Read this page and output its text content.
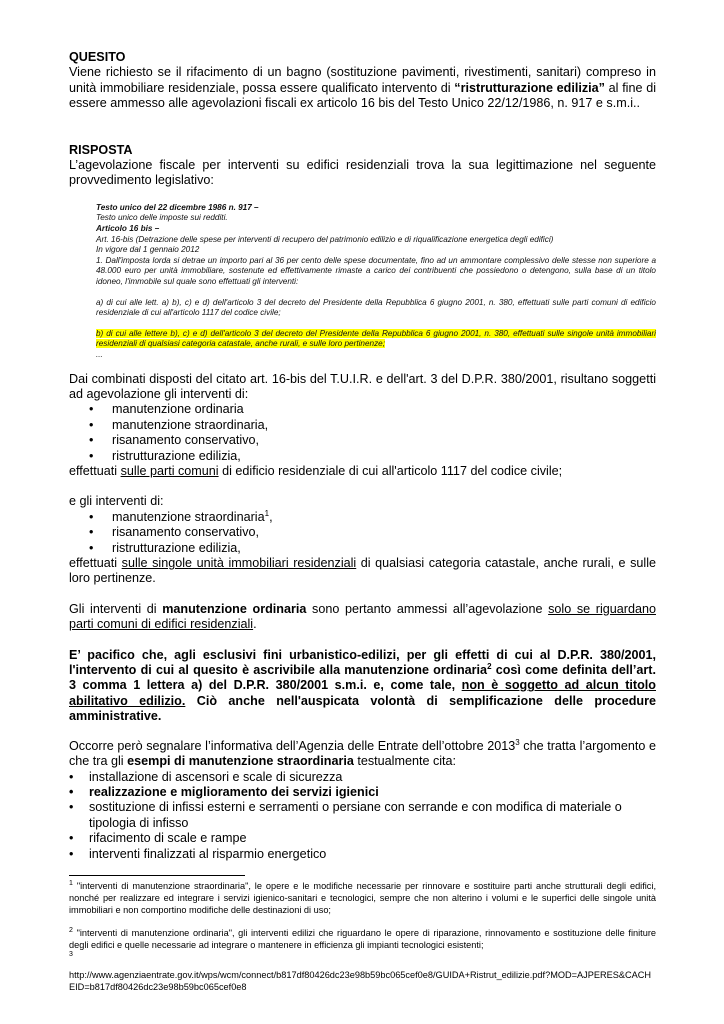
QUESITO

Viene richiesto se il rifacimento di un bagno (sostituzione pavimenti, rivestimenti, sanitari) compreso in unità immobiliare residenziale, possa essere qualificato intervento di “ristrutturazione edilizia” al fine di essere ammesso alle agevolazioni fiscali ex articolo 16 bis del Testo Unico 22/12/1986, n. 917 e s.m.i..

RISPOSTA

L’agevolazione fiscale per interventi su edifici residenziali trova la sua legittimazione nel seguente provvedimento legislativo:

Testo unico del 22 dicembre 1986 n. 917 –

Testo unico delle imposte sui redditi.

Articolo 16 bis –

Art. 16-bis (Detrazione delle spese per interventi di recupero del patrimonio edilizio e di riqualificazione energetica degli edifici)

In vigore dal 1 gennaio 2012

1. Dall'imposta lorda si detrae un importo pari al 36 per cento delle spese documentate, fino ad un ammontare complessivo delle stesse non superiore a 48.000 euro per unità immobiliare, sostenute ed effettivamente rimaste a carico dei contribuenti che possiedono o detengono, sulla base di un titolo idoneo, l'immobile sul quale sono effettuati gli interventi:

a) di cui alle lett. a) b), c) e d) dell'articolo 3 del decreto del Presidente della Repubblica 6 giugno 2001, n. 380, effettuati sulle parti comuni di edificio residenziale di cui all'articolo 1117 del codice civile;

b) di cui alle lettere b), c) e d) dell'articolo 3 del decreto del Presidente della Repubblica 6 giugno 2001, n. 380, effettuati sulle singole unità immobiliari residenziali di qualsiasi categoria catastale, anche rurali, e sulle loro pertinenze;

...

Dai combinati disposti del citato art. 16-bis del T.U.I.R. e dell'art. 3 del D.P.R. 380/2001, risultano soggetti ad agevolazione gli interventi di:

• manutenzione ordinaria
• manutenzione straordinaria,
• risanamento conservativo,
• ristrutturazione edilizia,

effettuati sulle parti comuni di edificio residenziale di cui all'articolo 1117 del codice civile;

e gli interventi di:

• manutenzione straordinaria$^1$,
• risanamento conservativo,
• ristrutturazione edilizia,

effettuati sulle singole unità immobiliari residenziali di qualsiasi categoria catastale, anche rurali, e sulle loro pertinenze.

Gli interventi di manutenzione ordinaria sono pertanto ammessi all’agevolazione solo se riguardano parti comuni di edifici residenziali.

E’ pacifico che, agli esclusivi fini urbanistico-edilizi, per gli effetti di cui al D.P.R. 380/2001, l'intervento di cui al quesito è ascrivibile alla manutenzione ordinaria$^2$ così come definita dell’art. 3 comma 1 lettera a) del D.P.R. 380/2001 s.m.i. e, come tale, non è soggetto ad alcun titolo abilitativo edilizio. Ciò anche nell'auspicata volontà di semplificazione delle procedure amministrative.

Occorre però segnalare l’informativa dell’Agenzia delle Entrate dell’ottobre 2013$^3$ che tratta l’argomento e che tra gli esempi di manutenzione straordinaria testualmente cita:

• installazione di ascensori e scale di sicurezza
• realizzazione e miglioramento dei servizi igienici
• sostituzione di infissi esterni e serramenti o persiane con serrande e con modifica di materiale o tipologia di infisso
• rifacimento di scale e rampe
• interventi finalizzati al risparmio energetico

$^1$ "interventi di manutenzione straordinaria", le opere e le modifiche necessarie per rinnovare e sostituire parti anche strutturali degli edifici, nonché per realizzare ed integrare i servizi igienico-sanitari e tecnologici, sempre che non alterino i volumi e le superfici delle singole unità immobiliari e non comportino modifiche delle destinazioni di uso;

$^2$ "interventi di manutenzione ordinaria", gli interventi edilizi che riguardano le opere di riparazione, rinnovamento e sostituzione delle finiture degli edifici e quelle necessarie ad integrare o mantenere in efficienza gli impianti tecnologici esistenti;

$^3$

http://www.agenziaentrate.gov.it/wps/wcm/connect/b817df80426dc23e98b59bc065cef0e8/GUIDA+Ristrut_edilizie.pdf?MOD=AJPERES&CACHEID=b817df80426dc23e98b59bc065cef0e8
